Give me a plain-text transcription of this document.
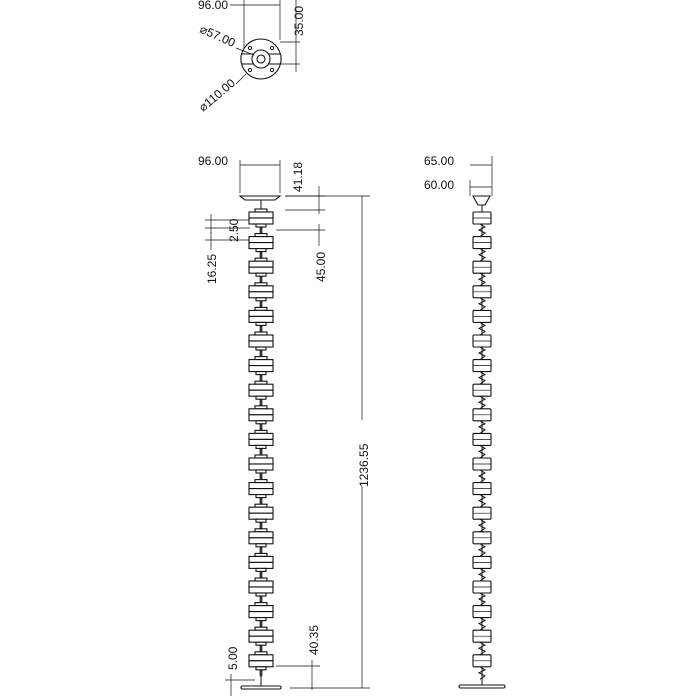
96.00
35.00
⌀57.00
⌀110.00
96.00
41.18
2.50
45.00
16.25
1236.55
40.35
5.00
65.00
60.00
